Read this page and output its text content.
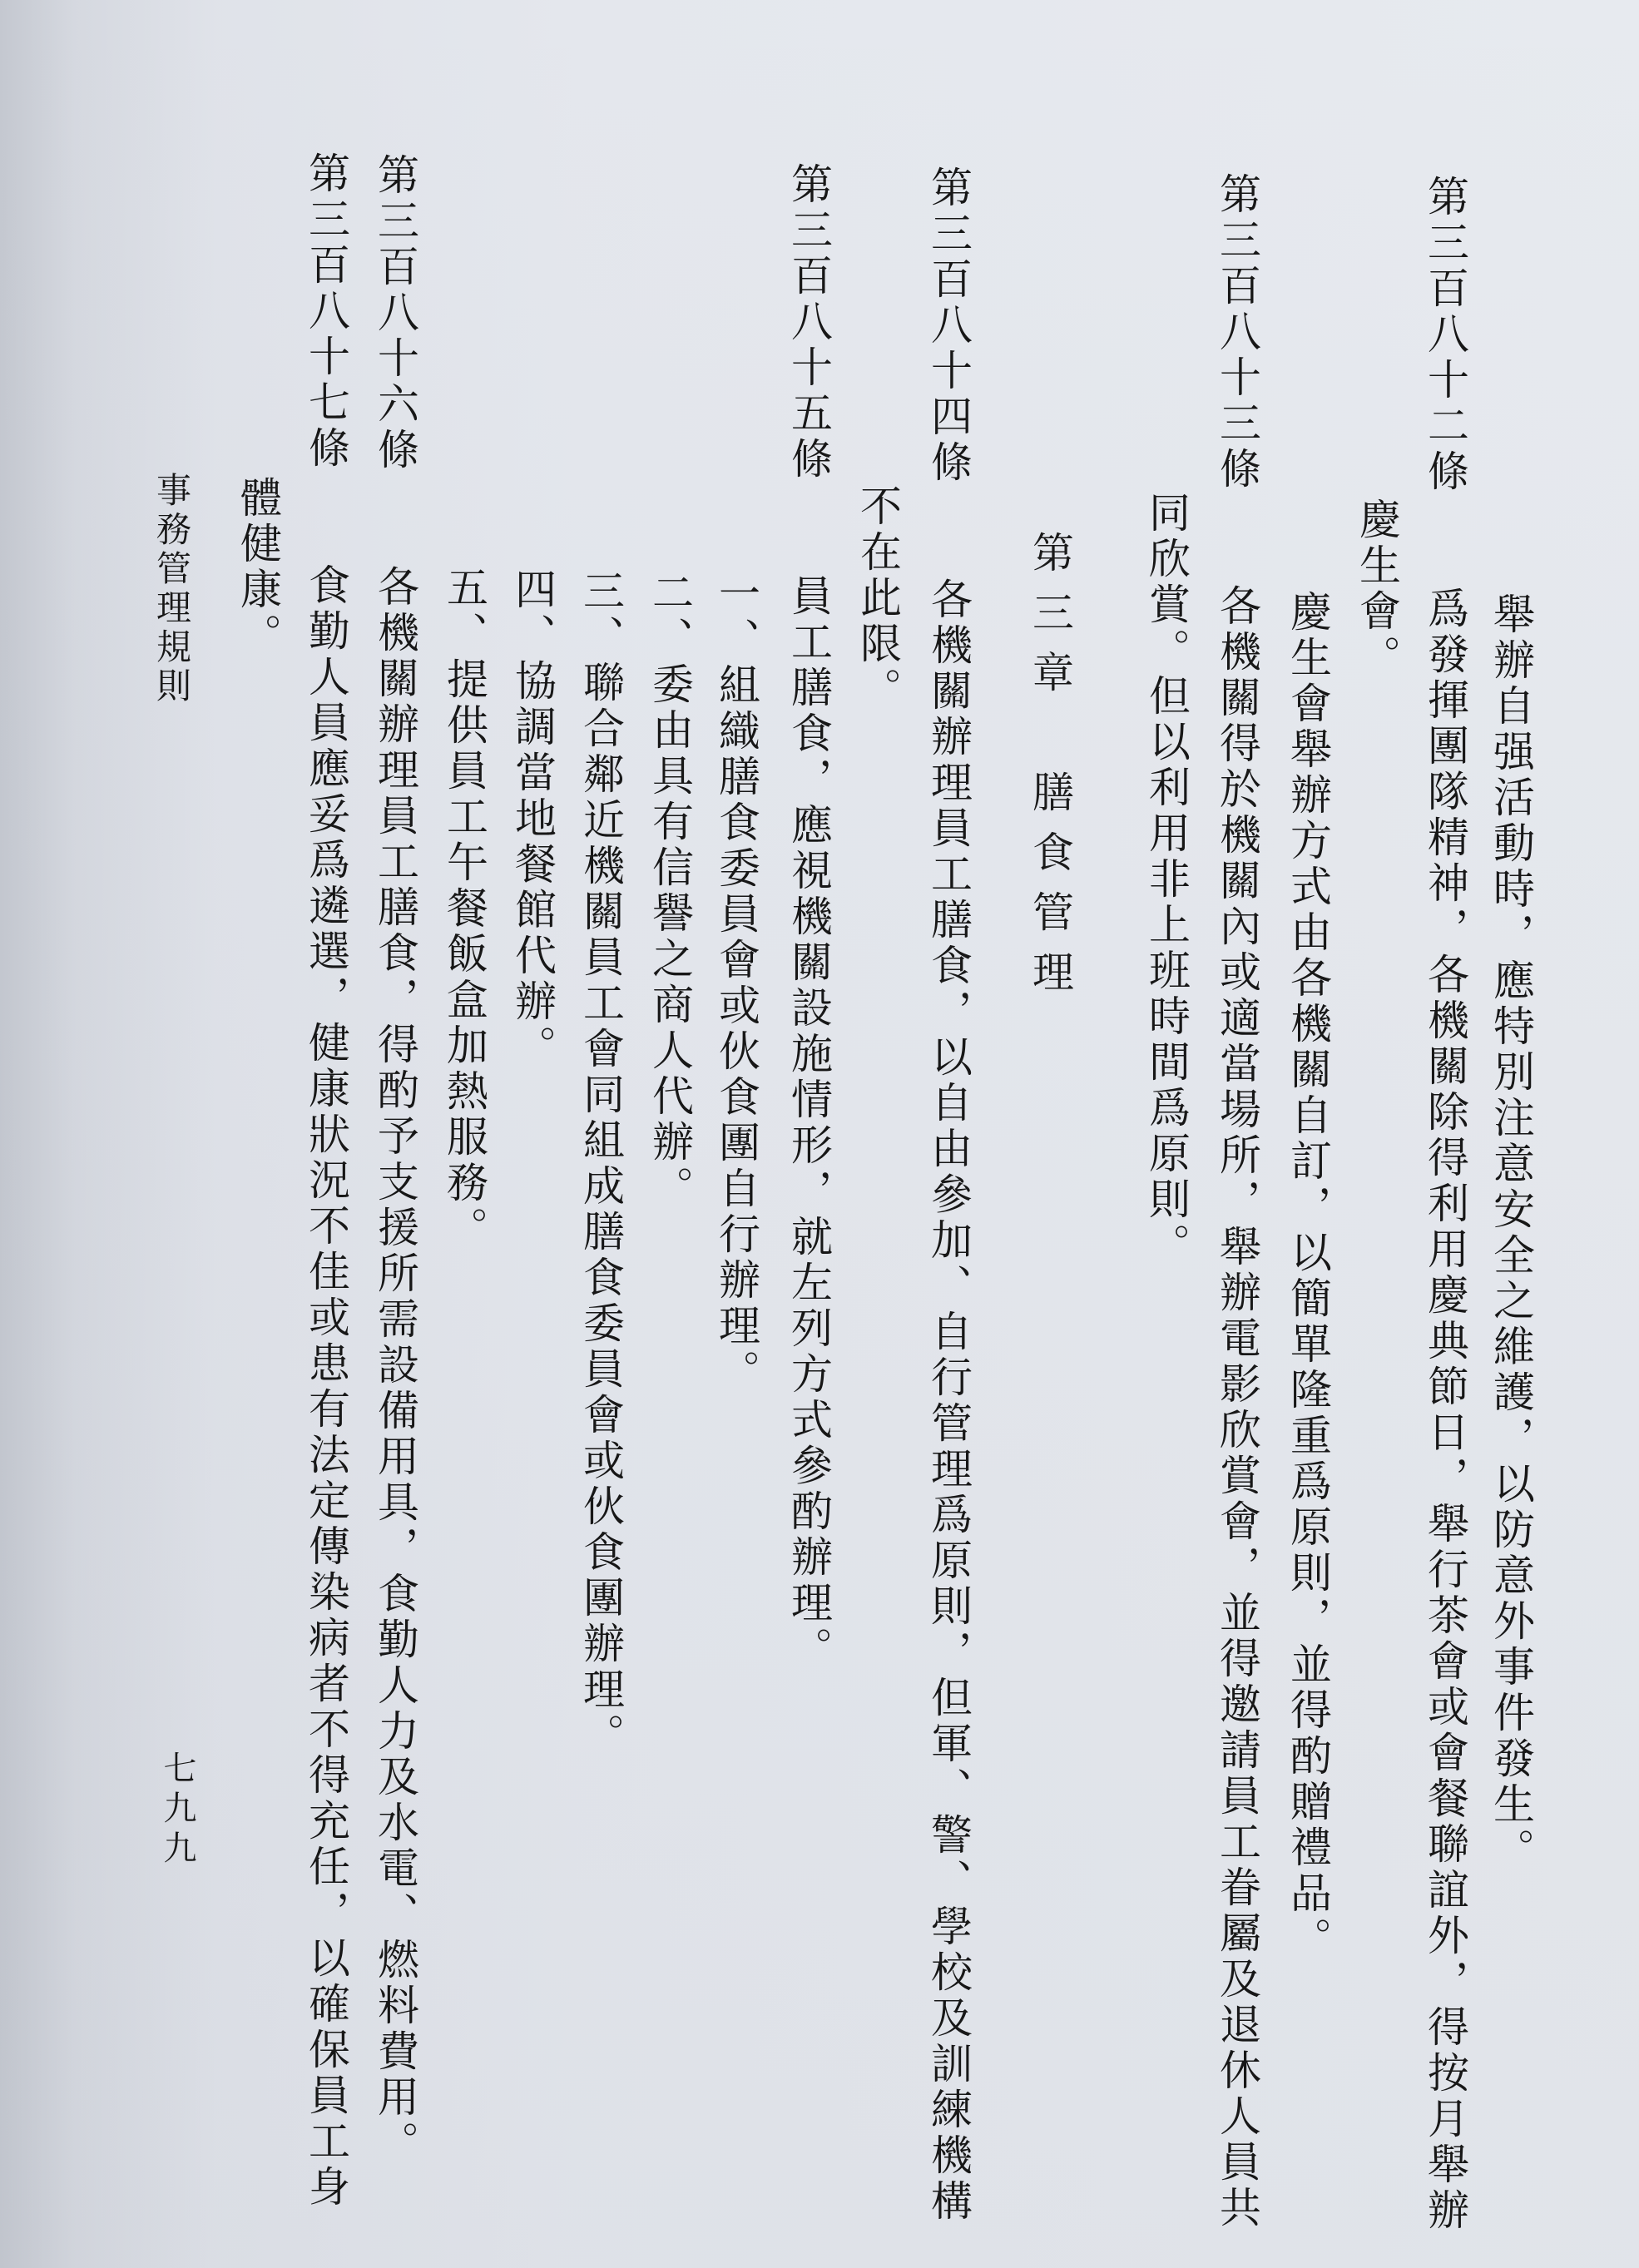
舉辦自强活動時，應特別注意安全之維護，以防意外事件發生。
第三百八十二條
爲發揮團隊精神，各機關除得利用慶典節日，舉行茶會或會餐聯誼外，得按月舉辦
慶生會。
慶生會舉辦方式由各機關自訂，以簡單隆重爲原則，並得酌贈禮品。
第三百八十三條
各機關得於機關內或適當場所，舉辦電影欣賞會，並得邀請員工眷屬及退休人員共
同欣賞。但以利用非上班時間爲原則。
第三章
膳食管理
第三百八十四條
各機關辦理員工膳食，以自由參加、自行管理爲原則，但軍、警、學校及訓練機構
不在此限。
第三百八十五條
員工膳食，應視機關設施情形，就左列方式參酌辦理。
一、組織膳食委員會或伙食團自行辦理。
二、委由具有信譽之商人代辦。
三、聯合鄰近機關員工會同組成膳食委員會或伙食團辦理。
四、協調當地餐館代辦。
五、提供員工午餐飯盒加熱服務。
第三百八十六條
各機關辦理員工膳食，得酌予支援所需設備用具，食勤人力及水電、燃料費用。
第三百八十七條
食勤人員應妥爲遴選，健康狀況不佳或患有法定傳染病者不得充任，以確保員工身
體健康。
事務管理規則
七九九
